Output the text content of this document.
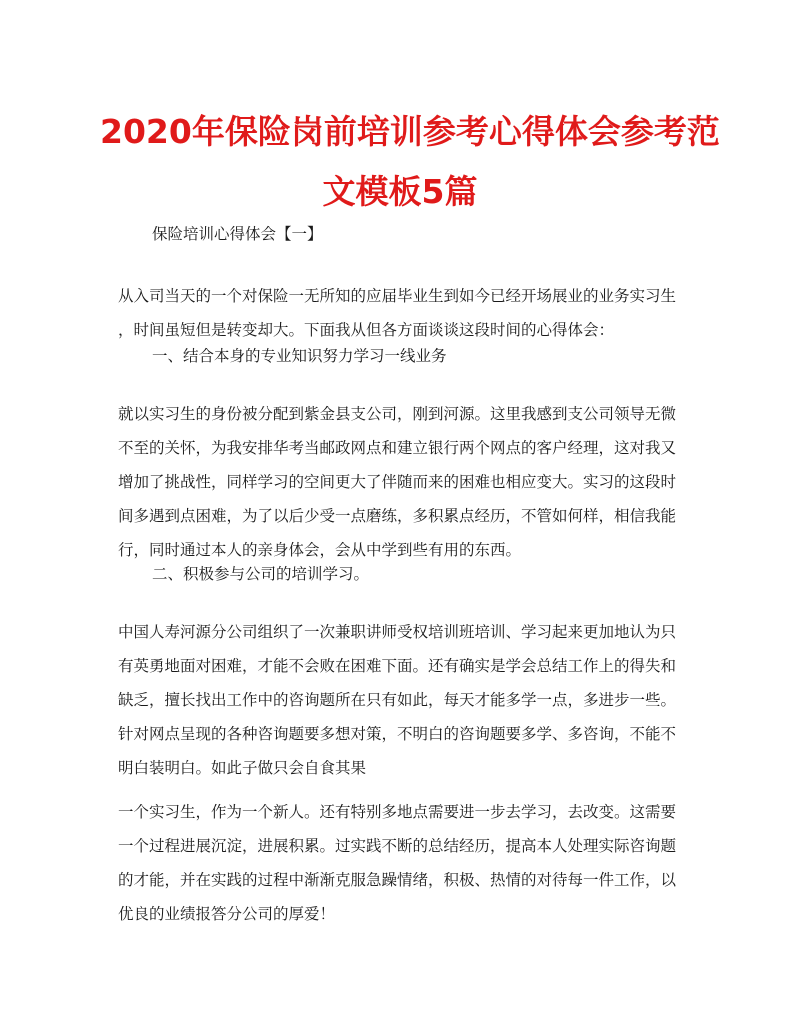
2020年保险岗前培训参考心得体会参考范
文模板5篇
保险培训心得体会【一】
从入司当天的一个对保险一无所知的应届毕业生到如今已经开场展业的业务实习生
，时间虽短但是转变却大。下面我从但各方面谈谈这段时间的心得体会：
一、结合本身的专业知识努力学习一线业务
就以实习生的身份被分配到紫金县支公司，刚到河源。这里我感到支公司领导无微
不至的关怀，为我安排华考当邮政网点和建立银行两个网点的客户经理，这对我又
增加了挑战性，同样学习的空间更大了伴随而来的困难也相应变大。实习的这段时
间多遇到点困难，为了以后少受一点磨练，多积累点经历，不管如何样，相信我能
行，同时通过本人的亲身体会，会从中学到些有用的东西。
二、积极参与公司的培训学习。
中国人寿河源分公司组织了一次兼职讲师受权培训班培训、学习起来更加地认为只
有英勇地面对困难，才能不会败在困难下面。还有确实是学会总结工作上的得失和
缺乏，擅长找出工作中的咨询题所在只有如此，每天才能多学一点，多进步一些。
针对网点呈现的各种咨询题要多想对策，不明白的咨询题要多学、多咨询，不能不
明白装明白。如此子做只会自食其果
一个实习生，作为一个新人。还有特别多地点需要进一步去学习，去改变。这需要
一个过程进展沉淀，进展积累。过实践不断的总结经历，提高本人处理实际咨询题
的才能，并在实践的过程中渐渐克服急躁情绪，积极、热情的对待每一件工作，以
优良的业绩报答分公司的厚爱！
